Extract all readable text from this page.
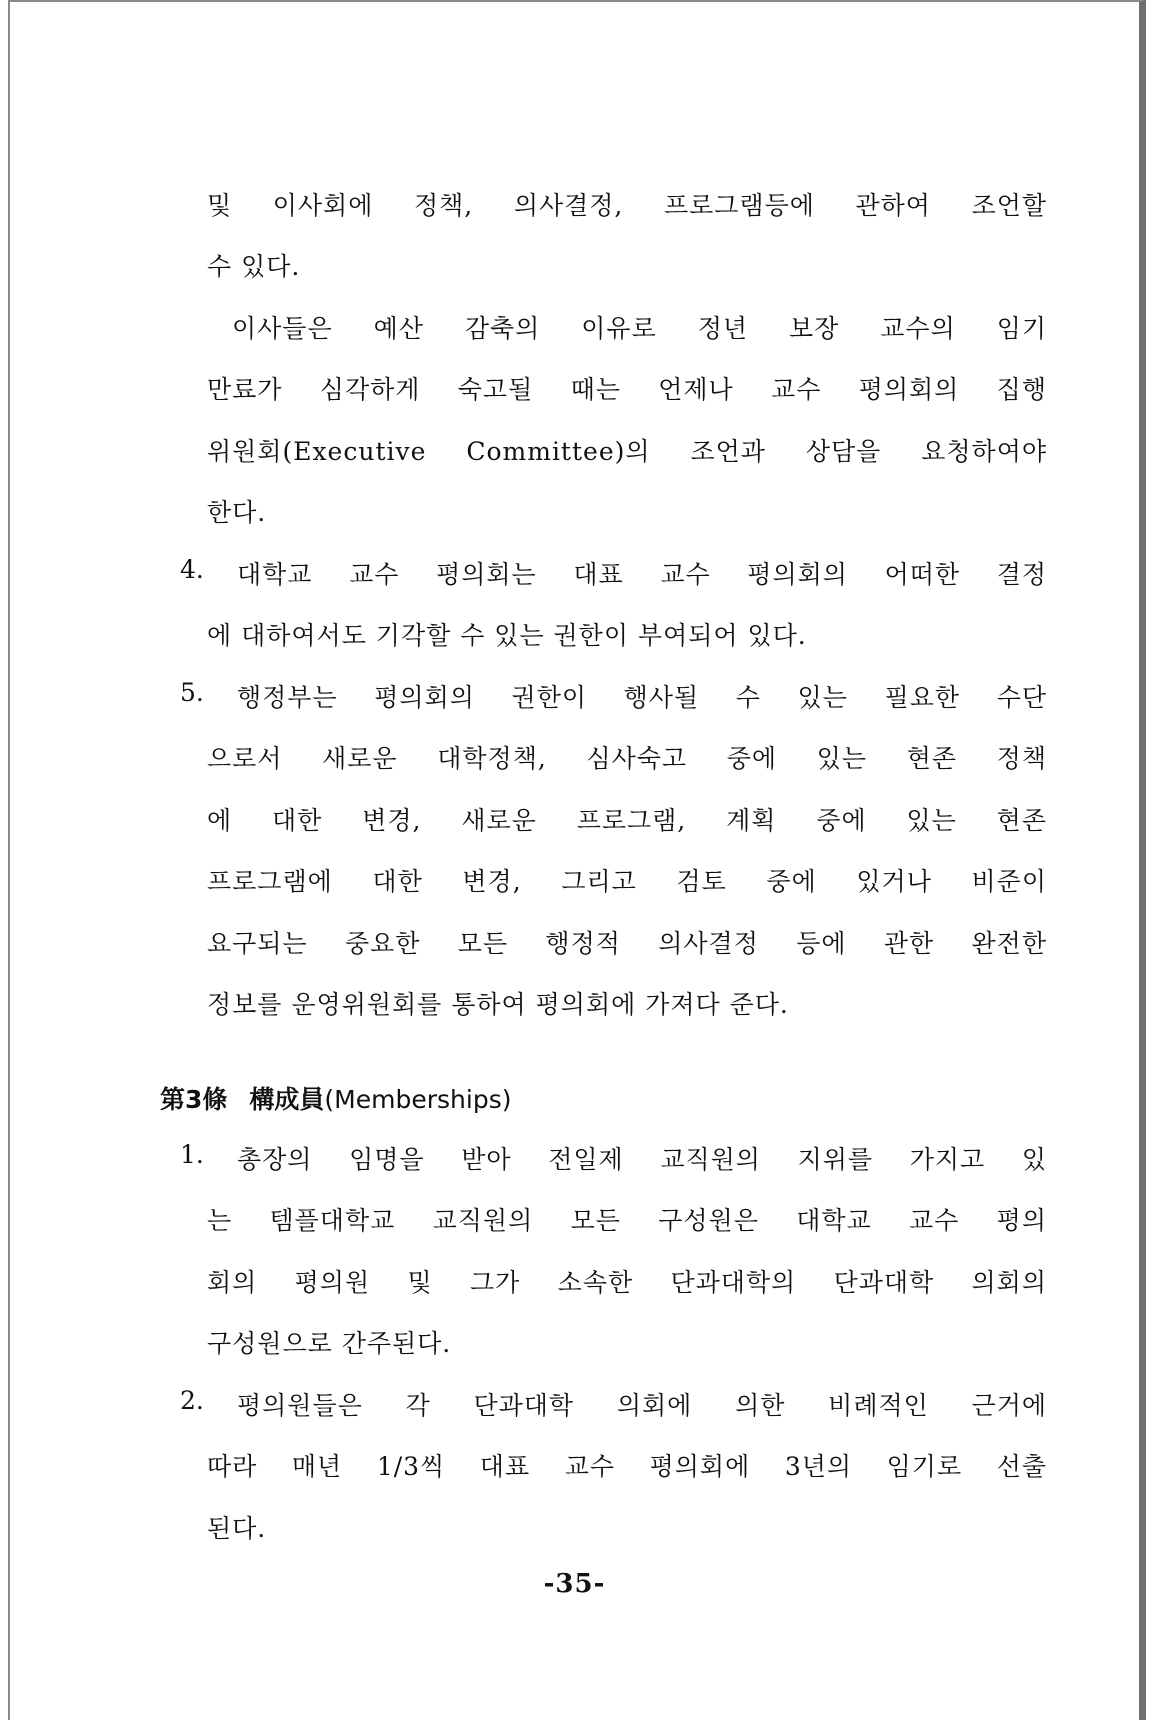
및 이사회에 정책, 의사결정, 프로그램등에 관하여 조언할
수 있다.
이사들은 예산 감축의 이유로 정년 보장 교수의 임기
만료가 심각하게 숙고될 때는 언제나 교수 평의회의 집행
위원회(Executive Committee)의 조언과 상담을 요청하여야
한다.
4. 대학교 교수 평의회는 대표 교수 평의회의 어떠한 결정
에 대하여서도 기각할 수 있는 권한이 부여되어 있다.
5. 행정부는 평의회의 권한이 행사될 수 있는 필요한 수단
으로서 새로운 대학정책, 심사숙고 중에 있는 현존 정책
에 대한 변경, 새로운 프로그램, 계획 중에 있는 현존
프로그램에 대한 변경, 그리고 검토 중에 있거나 비준이
요구되는 중요한 모든 행정적 의사결정 등에 관한 완전한
정보를 운영위원회를 통하여 평의회에 가져다 준다.
第3條 構成員(Memberships)
1. 총장의 임명을 받아 전일제 교직원의 지위를 가지고 있
는 템플대학교 교직원의 모든 구성원은 대학교 교수 평의
회의 평의원 및 그가 소속한 단과대학의 단과대학 의회의
구성원으로 간주된다.
2. 평의원들은 각 단과대학 의회에 의한 비례적인 근거에
따라 매년 1/3씩 대표 교수 평의회에 3년의 임기로 선출
된다.
-35-
